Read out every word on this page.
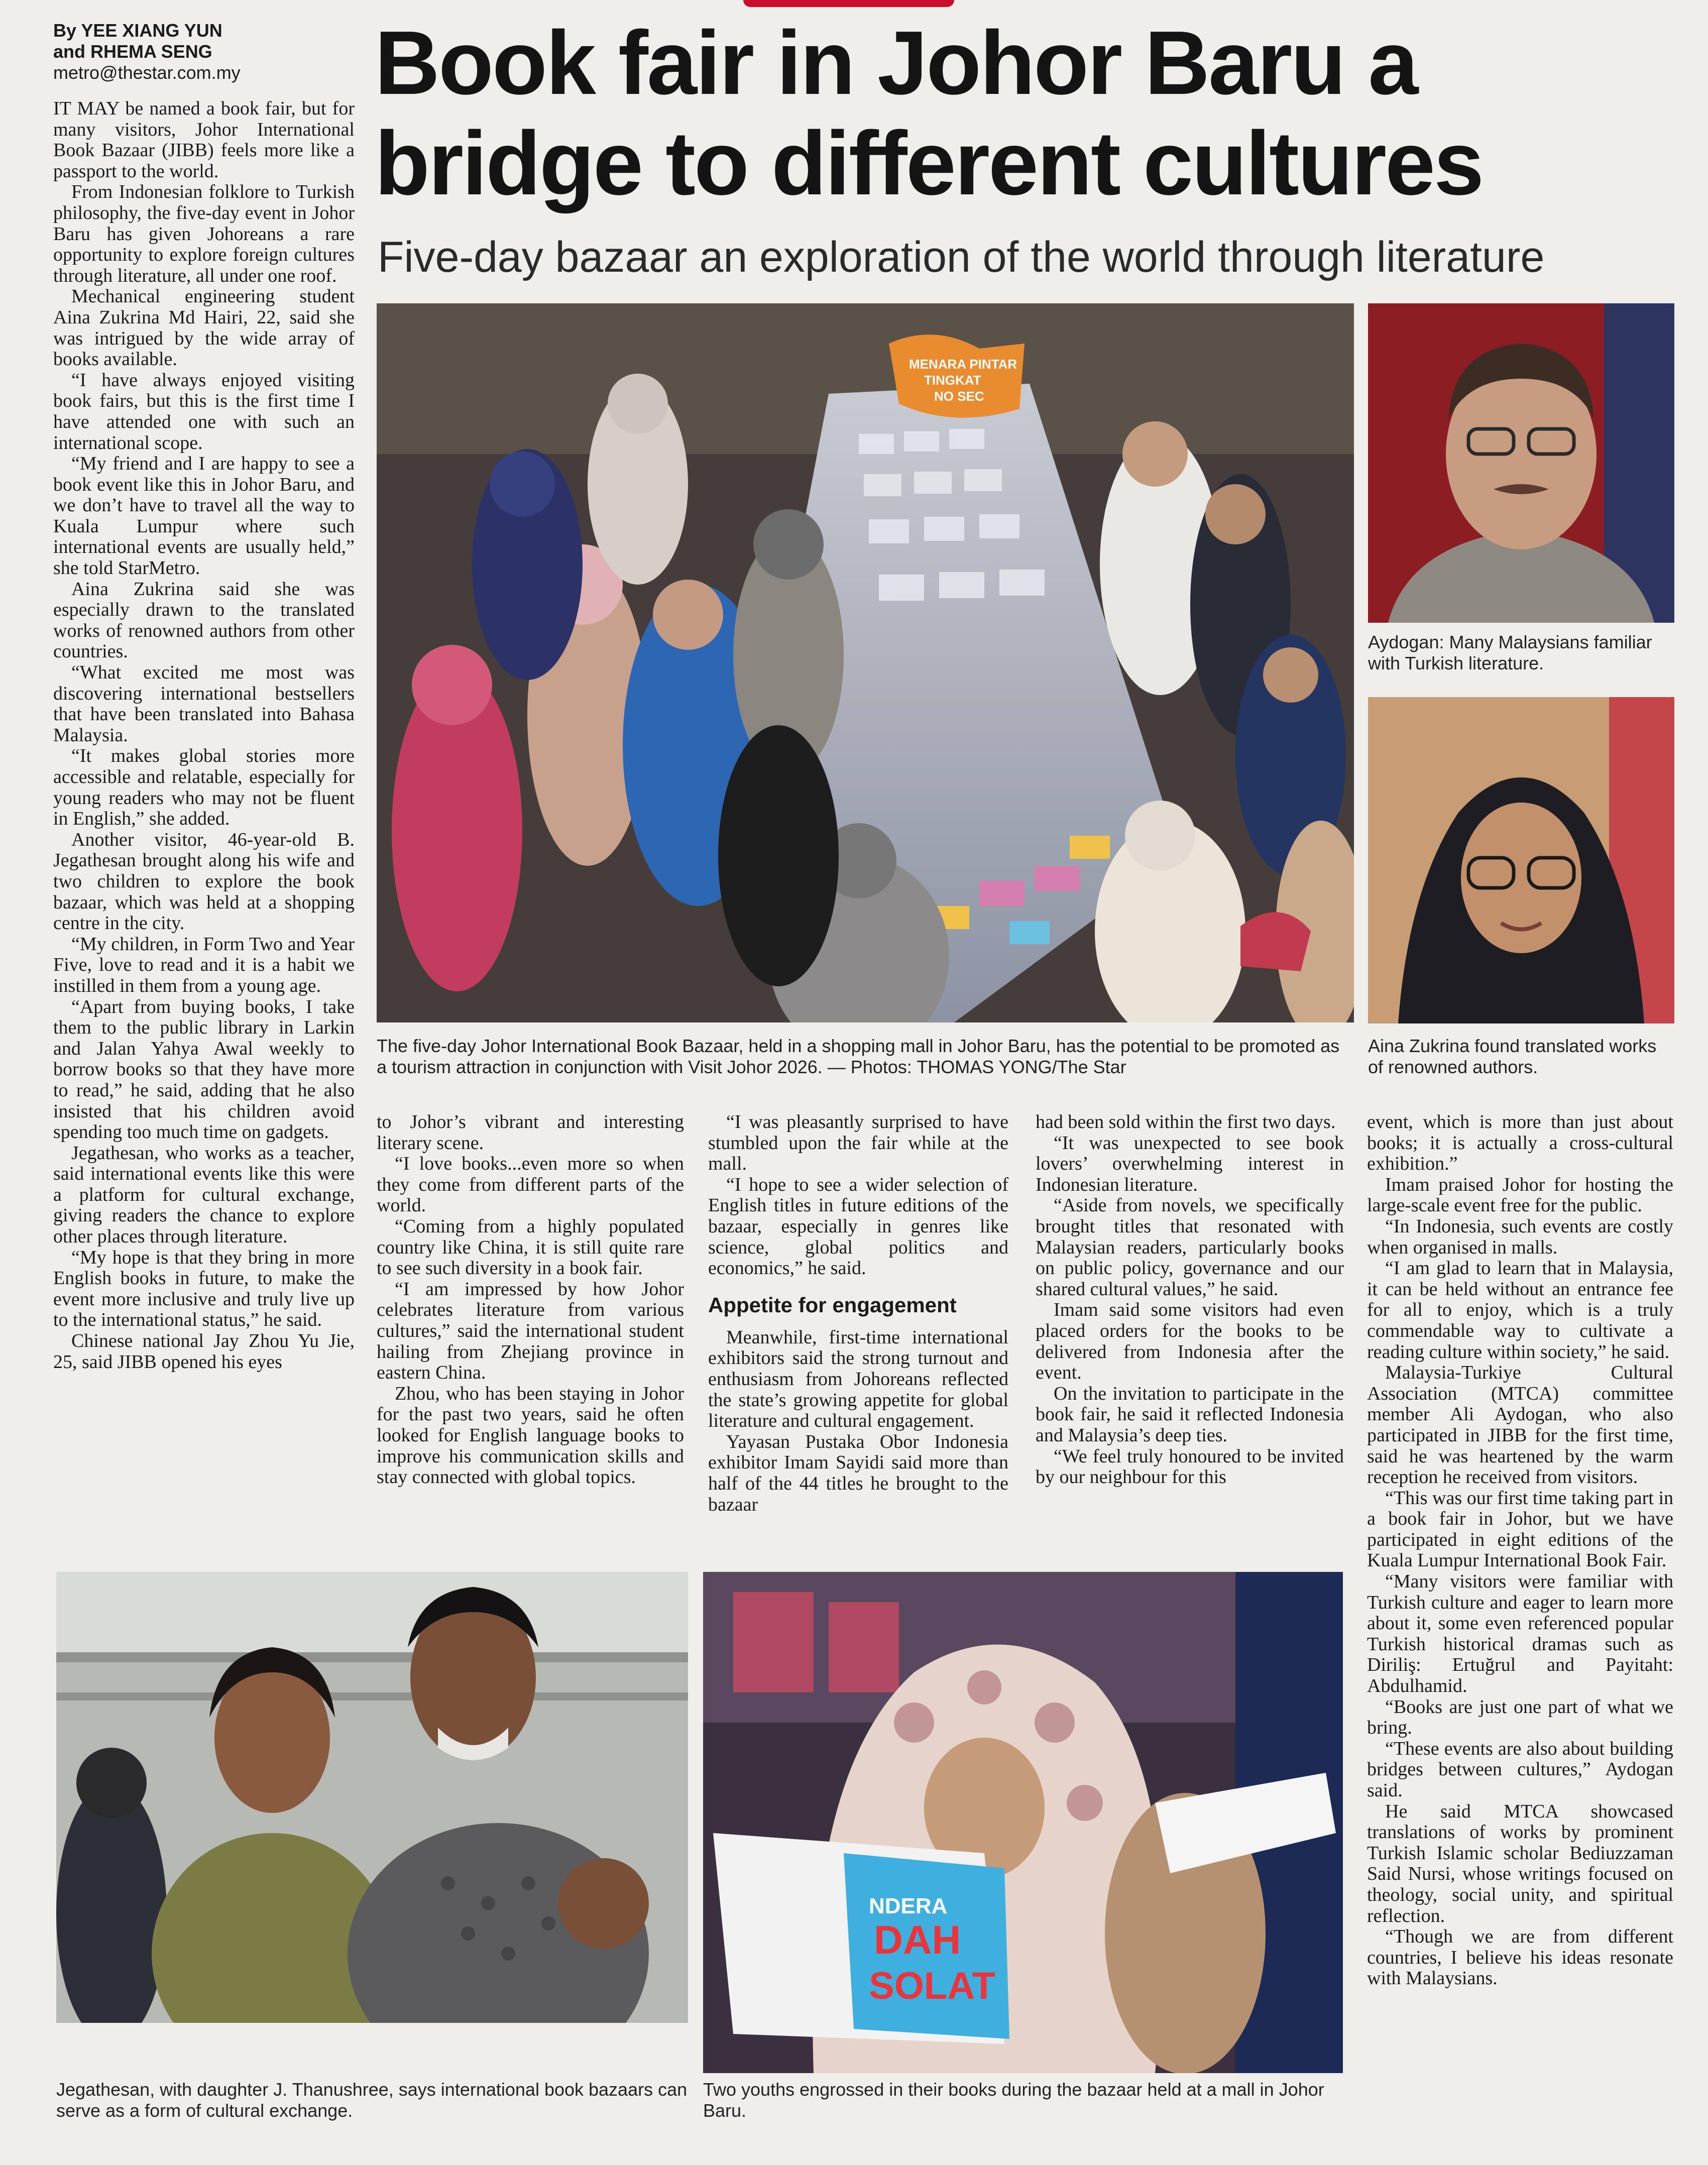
By YEE XIANG YUN
and RHEMA SENG
metro@thestar.com.my	Book fair in Johor Baru a
bridge to different cultures
Five-day bazaar an exploration of the world through literature

IT MAY be named a book fair, but for many visitors, Johor International Book Bazaar (JIBB) feels more like a passport to the world.

From Indonesian folklore to Turkish philosophy, the five-day event in Johor Baru has given Johoreans a rare opportunity to explore foreign cultures through literature, all under one roof.

Mechanical engineering student Aina Zukrina Md Hairi, 22, said she was intrigued by the wide array of books available.

“I have always enjoyed visiting book fairs, but this is the first time I have attended one with such an international scope.

“My friend and I are happy to see a book event like this in Johor Baru, and we don’t have to travel all the way to Kuala Lumpur where such international events are usually held,” she told StarMetro.

Aina Zukrina said she was especially drawn to the translated works of renowned authors from other countries.

“What excited me most was discovering international bestsellers that have been translated into Bahasa Malaysia.

“It makes global stories more accessible and relatable, especially for young readers who may not be fluent in English,” she added.

Another visitor, 46-year-old B. Jegathesan brought along his wife and two children to explore the book bazaar, which was held at a shopping centre in the city.

“My children, in Form Two and Year Five, love to read and it is a habit we instilled in them from a young age.

“Apart from buying books, I take them to the public library in Larkin and Jalan Yahya Awal weekly to borrow books so that they have more to read,” he said, adding that he also insisted that his children avoid spending too much time on gadgets.

Jegathesan, who works as a teacher, said international events like this were a platform for cultural exchange, giving readers the chance to explore other places through literature.

“My hope is that they bring in more English books in future, to make the event more inclusive and truly live up to the international status,” he said.

Chinese national Jay Zhou Yu Jie, 25, said JIBB opened his eyes

to Johor’s vibrant and interesting literary scene.

“I love books...even more so when they come from different parts of the world.

“Coming from a highly populated country like China, it is still quite rare to see such diversity in a book fair.

“I am impressed by how Johor celebrates literature from various cultures,” said the international student hailing from Zhejiang province in eastern China.

Zhou, who has been staying in Johor for the past two years, said he often looked for English language books to improve his communication skills and stay connected with global topics.

“I was pleasantly surprised to have stumbled upon the fair while at the mall.

“I hope to see a wider selection of English titles in future editions of the bazaar, especially in genres like science, global politics and economics,” he said.

Appetite for engagement

Meanwhile, first-time international exhibitors said the strong turnout and enthusiasm from Johoreans reflected the state’s growing appetite for global literature and cultural engagement.

Yayasan Pustaka Obor Indonesia exhibitor Imam Sayidi said more than half of the 44 titles he brought to the bazaar

had been sold within the first two days.

“It was unexpected to see book lovers’ overwhelming interest in Indonesian literature.

“Aside from novels, we specifically brought titles that resonated with Malaysian readers, particularly books on public policy, governance and our shared cultural values,” he said.

Imam said some visitors had even placed orders for the books to be delivered from Indonesia after the event.

On the invitation to participate in the book fair, he said it reflected Indonesia and Malaysia’s deep ties.

“We feel truly honoured to be invited by our neighbour for this

event, which is more than just about books; it is actually a cross-cultural exhibition.”

Imam praised Johor for hosting the large-scale event free for the public.

“In Indonesia, such events are costly when organised in malls.

“I am glad to learn that in Malaysia, it can be held without an entrance fee for all to enjoy, which is a truly commendable way to cultivate a reading culture within society,” he said.

Malaysia-Turkiye Cultural Association (MTCA) committee member Ali Aydogan, who also participated in JIBB for the first time, said he was heartened by the warm reception he received from visitors.

“This was our first time taking part in a book fair in Johor, but we have participated in eight editions of the Kuala Lumpur International Book Fair.

“Many visitors were familiar with Turkish culture and eager to learn more about it, some even referenced popular Turkish historical dramas such as Diriliş: Ertuğrul and Payitaht: Abdulhamid.

“Books are just one part of what we bring.

“These events are also about building bridges between cultures,” Aydogan said.

He said MTCA showcased translations of works by prominent Turkish Islamic scholar Bediuzzaman Said Nursi, whose writings focused on theology, social unity, and spiritual reflection.

“Though we are from different countries, I believe his ideas resonate with Malaysians.

MENARA PINTAR
TINGKAT
NO SEC
Aydogan: Many Malaysians familiar with Turkish literature.
Aina Zukrina found translated works of renowned authors.
The five-day Johor International Book Bazaar, held in a shopping mall in Johor Baru, has the potential to be promoted as a tourism attraction in conjunction with Visit Johor 2026. — Photos: THOMAS YONG/The Star
Jegathesan, with daughter J. Thanushree, says international book bazaars can serve as a form of cultural exchange.
NDERA
DAH
SOLAT
Two youths engrossed in their books during the bazaar held at a mall in Johor Baru.
